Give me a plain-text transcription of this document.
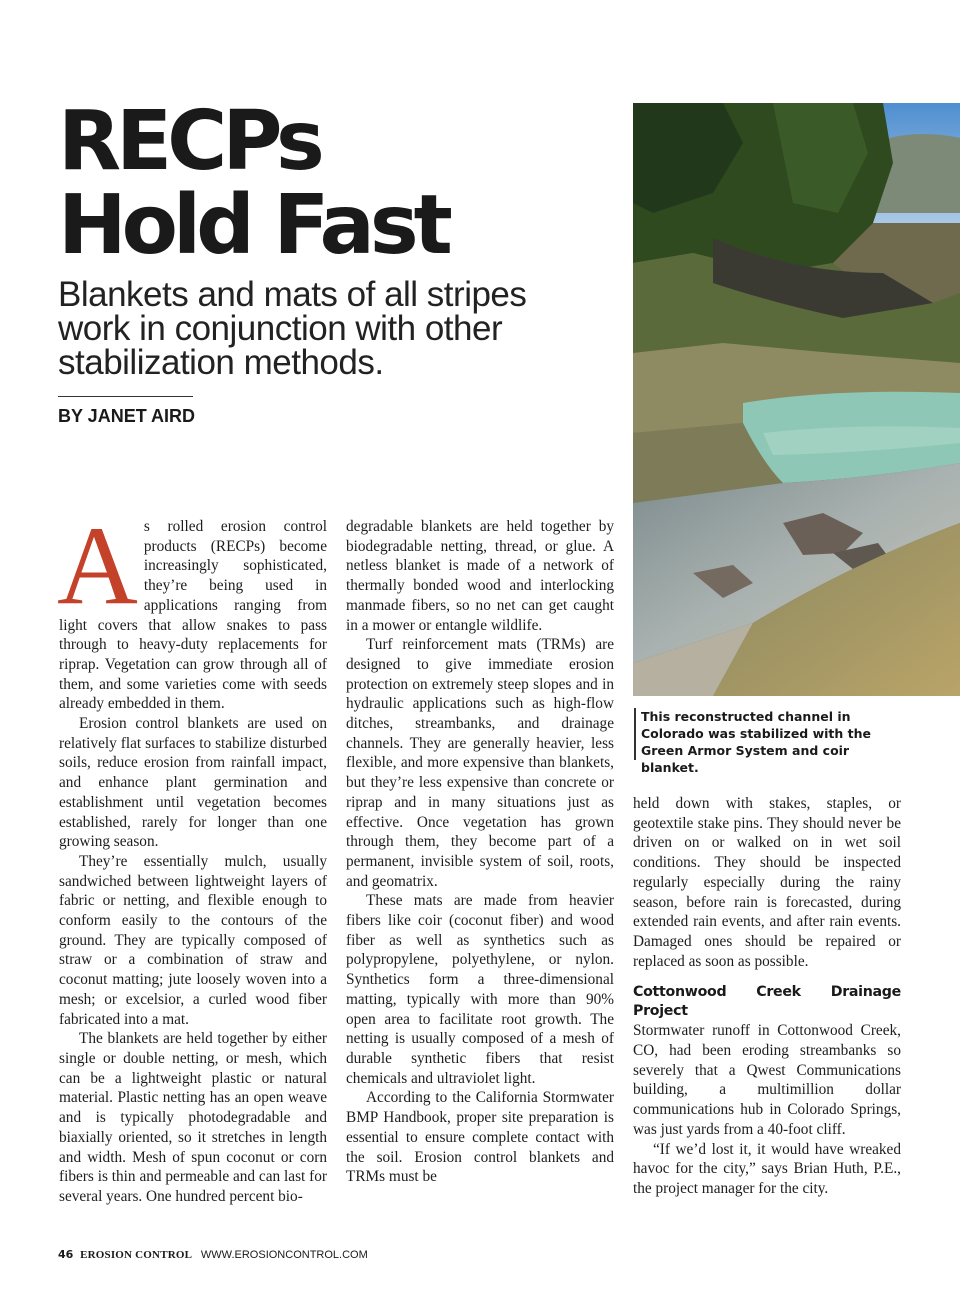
RECPs
Hold Fast
Blankets and mats of all stripes
work in conjunction with other
stabilization methods.

BY JANET AIRD

As rolled erosion control products (RECPs) become increasingly sophisticated, they’re being used in applications ranging from light covers that allow snakes to pass through to heavy-duty replacements for riprap. Vegetation can grow through all of them, and some varieties come with seeds already embedded in them.

Erosion control blankets are used on relatively flat surfaces to stabilize disturbed soils, reduce erosion from rainfall impact, and enhance plant germination and establishment until vegetation becomes established, rarely for longer than one growing season.

They’re essentially mulch, usually sandwiched between lightweight layers of fabric or netting, and flexible enough to conform easily to the contours of the ground. They are typically composed of straw or a combination of straw and coconut matting; jute loosely woven into a mesh; or excelsior, a curled wood fiber fabricated into a mat.

The blankets are held together by either single or double netting, or mesh, which can be a lightweight plastic or natural material. Plastic netting has an open weave and is typically photodegradable and biaxially oriented, so it stretches in length and width. Mesh of spun coconut or corn fibers is thin and permeable and can last for several years. One hundred percent bio-

degradable blankets are held together by biodegradable netting, thread, or glue. A netless blanket is made of a network of thermally bonded wood and interlocking manmade fibers, so no net can get caught in a mower or entangle wildlife.

Turf reinforcement mats (TRMs) are designed to give immediate erosion protection on extremely steep slopes and in hydraulic applications such as high-flow ditches, streambanks, and drainage channels. They are generally heavier, less flexible, and more expensive than blankets, but they’re less expensive than concrete or riprap and in many situations just as effective. Once vegetation has grown through them, they become part of a permanent, invisible system of soil, roots, and geomatrix.

These mats are made from heavier fibers like coir (coconut fiber) and wood fiber as well as synthetics such as polypropylene, polyethylene, or nylon. Synthetics form a three-dimensional matting, typically with more than 90% open area to facilitate root growth. The netting is usually composed of a mesh of durable synthetic fibers that resist chemicals and ultraviolet light.

According to the California Stormwater BMP Handbook, proper site preparation is essential to ensure complete contact with the soil. Erosion control blankets and TRMs must be

This reconstructed channel in Colorado was stabilized with the Green Armor System and coir blanket.

held down with stakes, staples, or geotextile stake pins. They should never be driven on or walked on in wet soil conditions. They should be inspected regularly especially during the rainy season, before rain is forecasted, during extended rain events, and after rain events. Damaged ones should be repaired or replaced as soon as possible.

Cottonwood Creek Drainage Project

Stormwater runoff in Cottonwood Creek, CO, had been eroding streambanks so severely that a Qwest Communications building, a multimillion dollar communications hub in Colorado Springs, was just yards from a 40-foot cliff.

“If we’d lost it, it would have wreaked havoc for the city,” says Brian Huth, P.E., the project manager for the city.

46 EROSION CONTROL WWW.EROSIONCONTROL.COM
